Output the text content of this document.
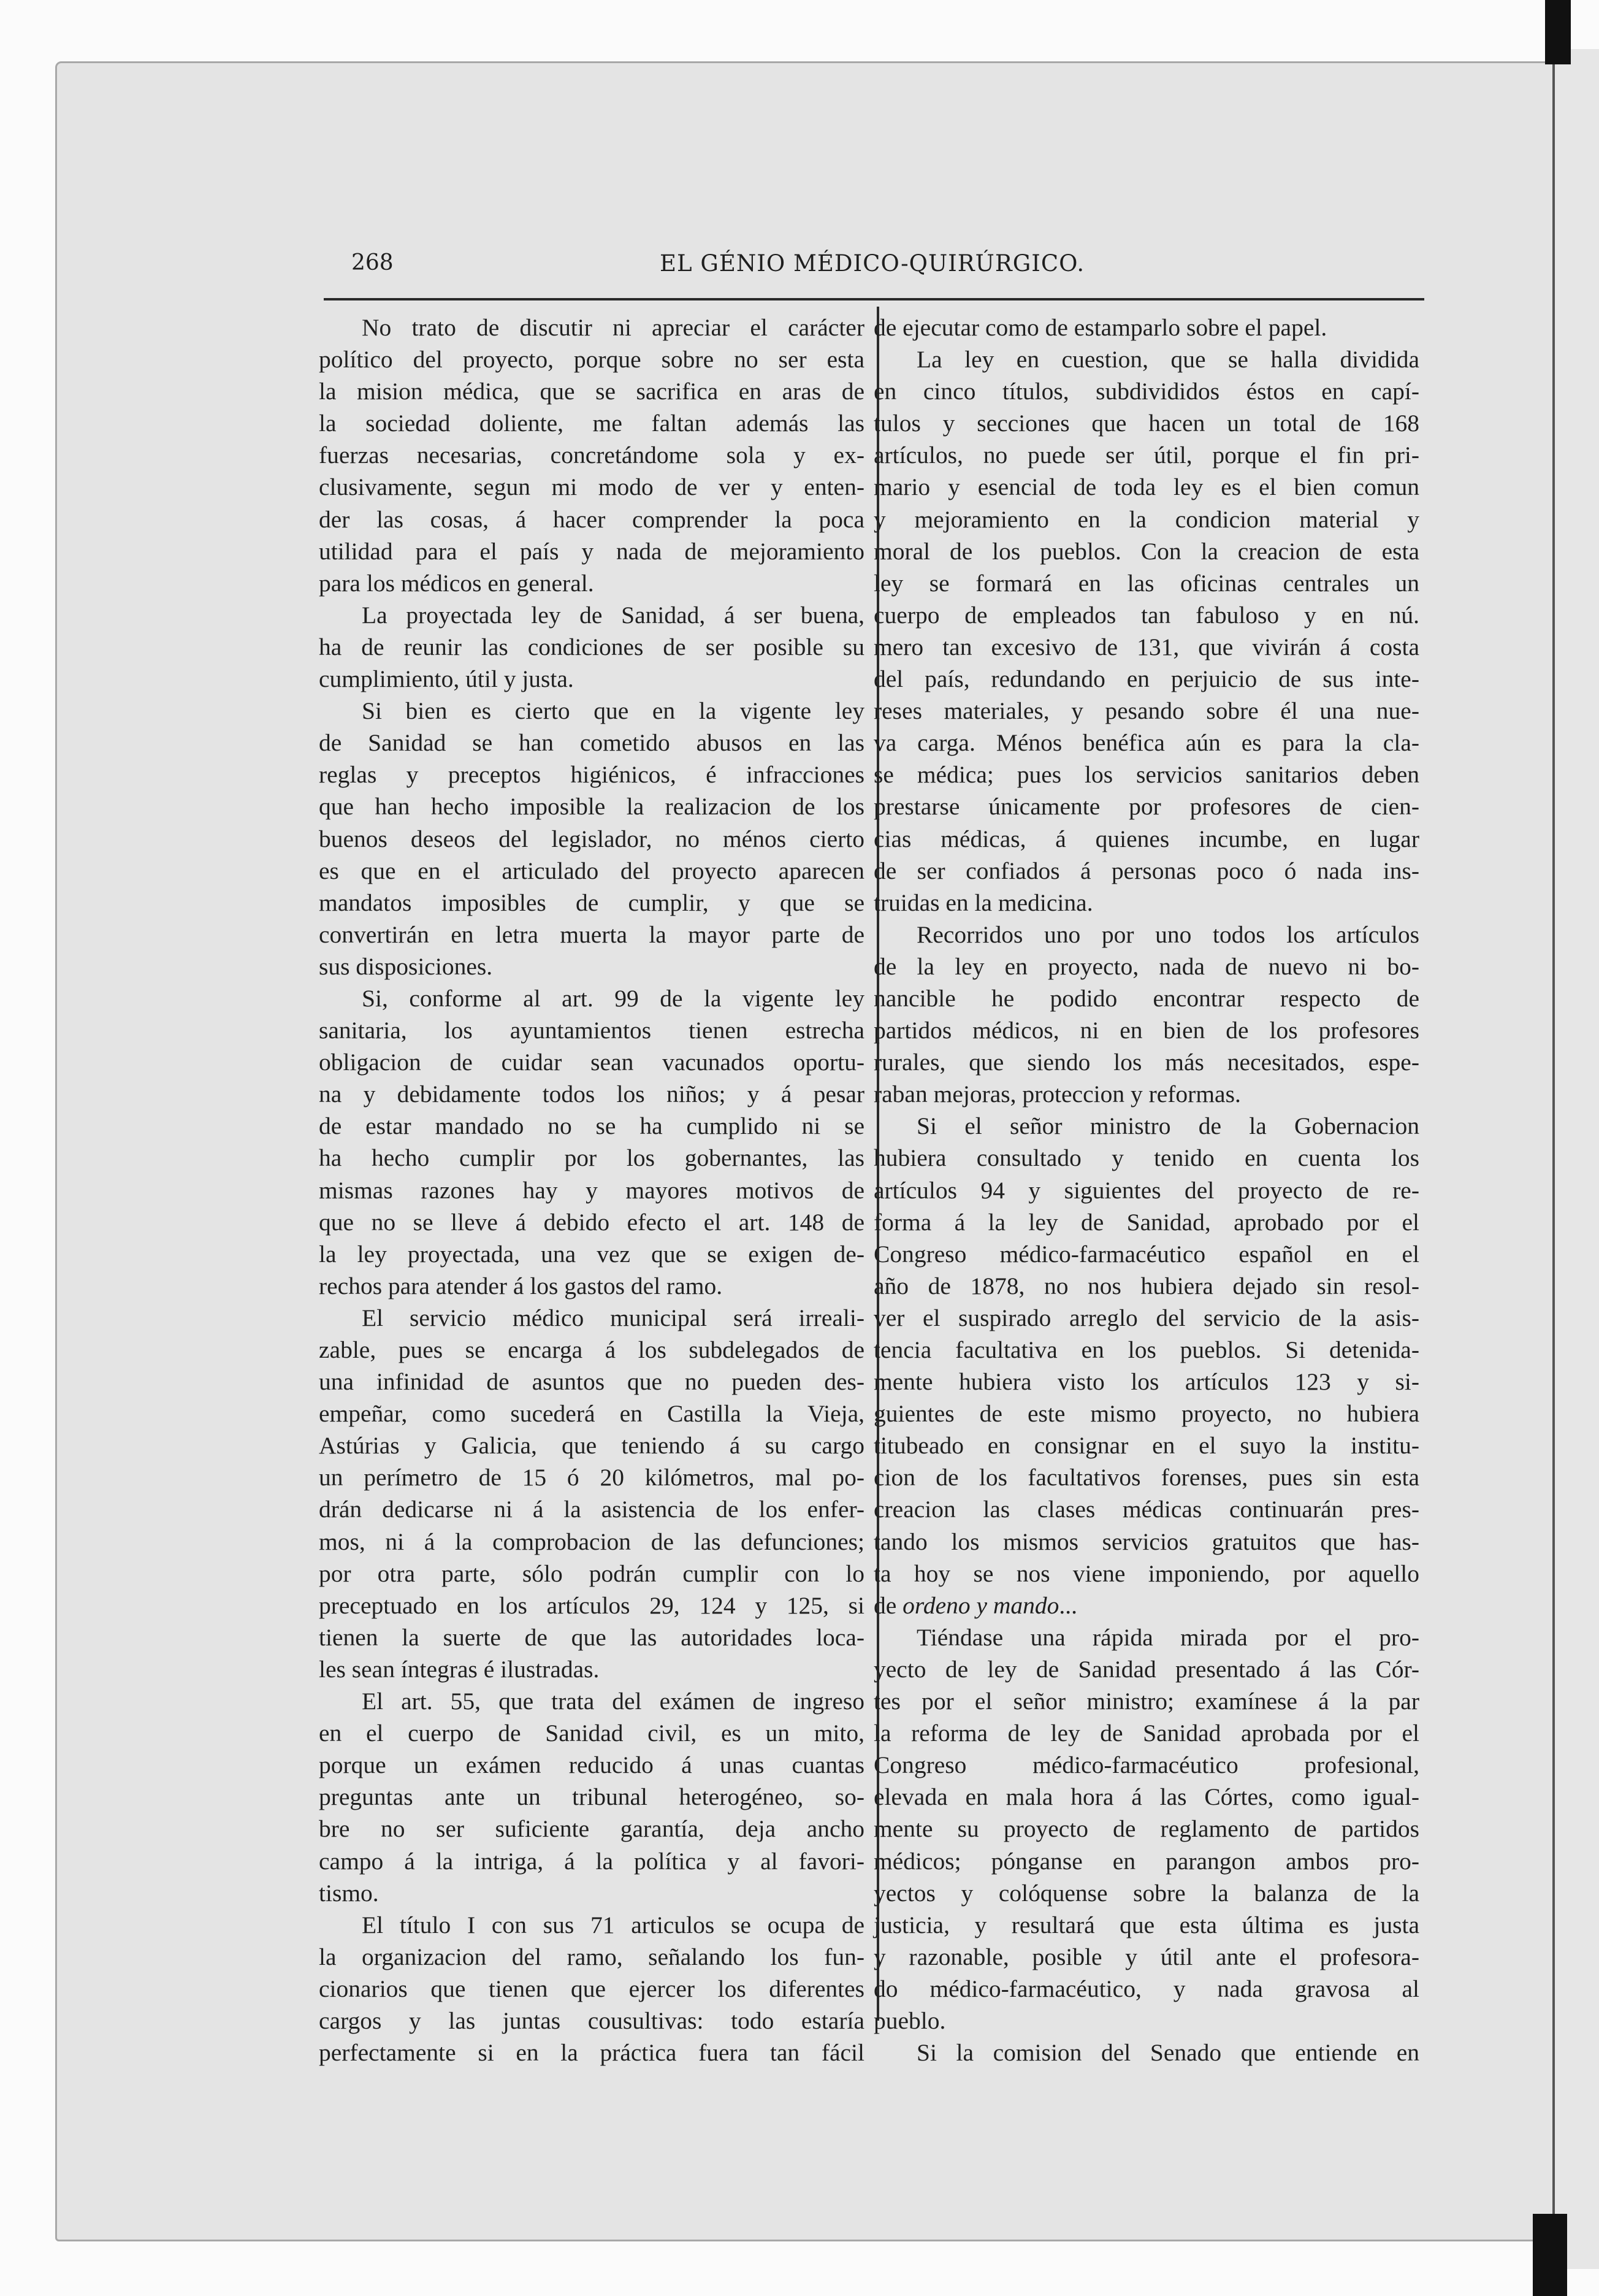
268	EL GÉNIO MÉDICO-QUIRÚRGICO.
No trato de discutir ni apreciar el carácter
político del proyecto, porque sobre no ser esta
la mision médica, que se sacrifica en aras de
la sociedad doliente, me faltan además las
fuerzas necesarias, concretándome sola y ex-
clusivamente, segun mi modo de ver y enten-
der las cosas, á hacer comprender la poca
utilidad para el país y nada de mejoramiento
para los médicos en general.
La proyectada ley de Sanidad, á ser buena,
ha de reunir las condiciones de ser posible su
cumplimiento, útil y justa.
Si bien es cierto que en la vigente ley
de Sanidad se han cometido abusos en las
reglas y preceptos higiénicos, é infracciones
que han hecho imposible la realizacion de los
buenos deseos del legislador, no ménos cierto
es que en el articulado del proyecto aparecen
mandatos imposibles de cumplir, y que se
convertirán en letra muerta la mayor parte de
sus disposiciones.
Si, conforme al art. 99 de la vigente ley
sanitaria, los ayuntamientos tienen estrecha
obligacion de cuidar sean vacunados oportu-
na y debidamente todos los niños; y á pesar
de estar mandado no se ha cumplido ni se
ha hecho cumplir por los gobernantes, las
mismas razones hay y mayores motivos de
que no se lleve á debido efecto el art. 148 de
la ley proyectada, una vez que se exigen de-
rechos para atender á los gastos del ramo.
El servicio médico municipal será irreali-
zable, pues se encarga á los subdelegados de
una infinidad de asuntos que no pueden des-
empeñar, como sucederá en Castilla la Vieja,
Astúrias y Galicia, que teniendo á su cargo
un perímetro de 15 ó 20 kilómetros, mal po-
drán dedicarse ni á la asistencia de los enfer-
mos, ni á la comprobacion de las defunciones;
por otra parte, sólo podrán cumplir con lo
preceptuado en los artículos 29, 124 y 125, si
tienen la suerte de que las autoridades loca-
les sean íntegras é ilustradas.
El art. 55, que trata del exámen de ingreso
en el cuerpo de Sanidad civil, es un mito,
porque un exámen reducido á unas cuantas
preguntas ante un tribunal heterogéneo, so-
bre no ser suficiente garantía, deja ancho
campo á la intriga, á la política y al favori-
tismo.
El título I con sus 71 articulos se ocupa de
la organizacion del ramo, señalando los fun-
cionarios que tienen que ejercer los diferentes
cargos y las juntas cousultivas: todo estaría
perfectamente si en la práctica fuera tan fácil
de ejecutar como de estamparlo sobre el papel.
La ley en cuestion, que se halla dividida
en cinco títulos, subdivididos éstos en capí-
tulos y secciones que hacen un total de 168
artículos, no puede ser útil, porque el fin pri-
mario y esencial de toda ley es el bien comun
y mejoramiento en la condicion material y
moral de los pueblos. Con la creacion de esta
ley se formará en las oficinas centrales un
cuerpo de empleados tan fabuloso y en nú.
mero tan excesivo de 131, que vivirán á costa
del país, redundando en perjuicio de sus inte-
reses materiales, y pesando sobre él una nue-
va carga. Ménos benéfica aún es para la cla-
se médica; pues los servicios sanitarios deben
prestarse únicamente por profesores de cien-
cias médicas, á quienes incumbe, en lugar
de ser confiados á personas poco ó nada ins-
truidas en la medicina.
Recorridos uno por uno todos los artículos
de la ley en proyecto, nada de nuevo ni bo-
nancible he podido encontrar respecto de
partidos médicos, ni en bien de los profesores
rurales, que siendo los más necesitados, espe-
raban mejoras, proteccion y reformas.
Si el señor ministro de la Gobernacion
hubiera consultado y tenido en cuenta los
artículos 94 y siguientes del proyecto de re-
forma á la ley de Sanidad, aprobado por el
Congreso médico-farmacéutico español en el
año de 1878, no nos hubiera dejado sin resol-
ver el suspirado arreglo del servicio de la asis-
tencia facultativa en los pueblos. Si detenida-
mente hubiera visto los artículos 123 y si-
guientes de este mismo proyecto, no hubiera
titubeado en consignar en el suyo la institu-
cion de los facultativos forenses, pues sin esta
creacion las clases médicas continuarán pres-
tando los mismos servicios gratuitos que has-
ta hoy se nos viene imponiendo, por aquello
de ordeno y mando...
Tiéndase una rápida mirada por el pro-
yecto de ley de Sanidad presentado á las Cór-
tes por el señor ministro; examínese á la par
la reforma de ley de Sanidad aprobada por el
Congreso médico-farmacéutico profesional,
elevada en mala hora á las Córtes, como igual-
mente su proyecto de reglamento de partidos
médicos; pónganse en parangon ambos pro-
yectos y colóquense sobre la balanza de la
justicia, y resultará que esta última es justa
y razonable, posible y útil ante el profesora-
do médico-farmacéutico, y nada gravosa al
pueblo.
Si la comision del Senado que entiende en
